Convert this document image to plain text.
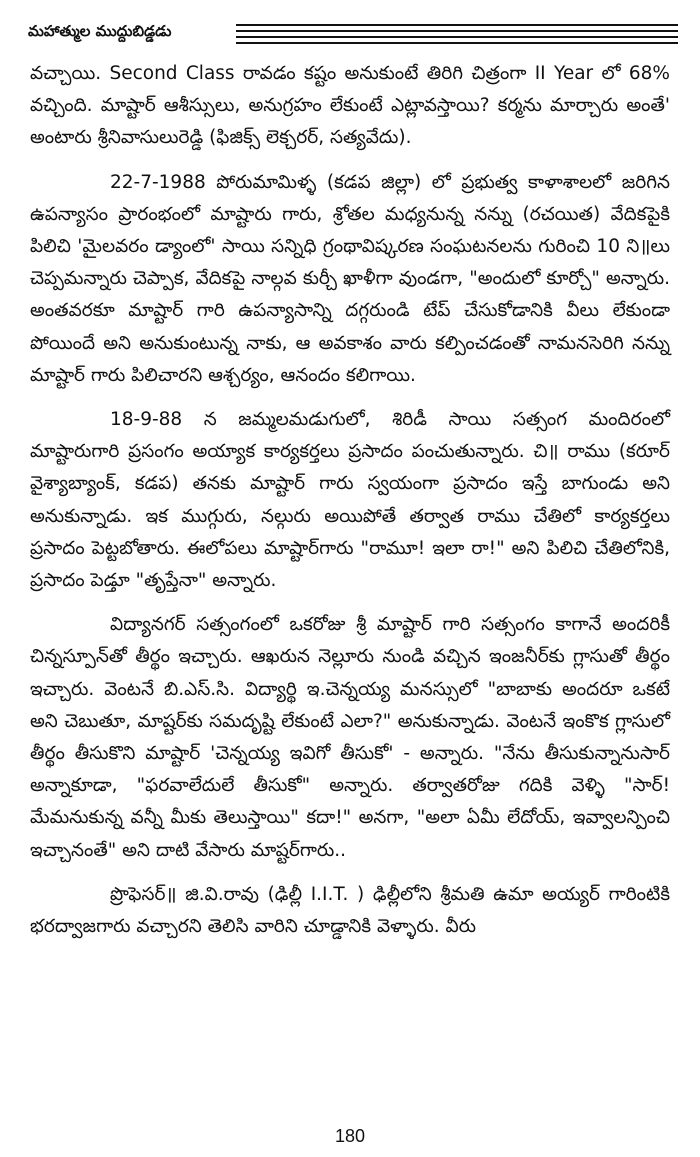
మహాత్ముల ముద్దుబిడ్డడు

వచ్చాయి. Second Class రావడం కష్టం అనుకుంటే తిరిగి చిత్రంగా II Year లో 68% వచ్చింది. మాష్టార్ ఆశీస్సులు, అనుగ్రహం లేకుంటే ఎట్లావస్తాయి? కర్మను మార్చారు అంతే' అంటారు శ్రీనివాసులురెడ్డి (ఫిజిక్స్ లెక్చరర్, సత్యవేదు).

22-7-1988 పోరుమామిళ్ళ (కడప జిల్లా) లో ప్రభుత్వ కాళాశాలలో జరిగిన ఉపన్యాసం ప్రారంభంలో మాష్టారు గారు, శ్రోతల మధ్యనున్న నన్ను (రచయిత) వేదికపైకి పిలిచి 'మైలవరం డ్యాంలో' సాయి సన్నిధి గ్రంథావిష్కరణ సంఘటనలను గురించి 10 ని॥లు చెప్పమన్నారు చెప్పాక, వేదికపై నాల్గవ కుర్చీ ఖాళీగా వుండగా, "అందులో కూర్చో" అన్నారు. అంతవరకూ మాష్టార్ గారి ఉపన్యాసాన్ని దగ్గరుండి టేప్ చేసుకోడానికి వీలు లేకుండా పోయిందే అని అనుకుంటున్న నాకు, ఆ అవకాశం వారు కల్పించడంతో నామనసెరిగి నన్ను మాష్టార్ గారు పిలిచారని ఆశ్చర్యం, ఆనందం కలిగాయి.

18-9-88 న జమ్మలమడుగులో, శిరిడీ సాయి సత్సంగ మందిరంలో మాష్టారుగారి ప్రసంగం అయ్యాక కార్యకర్తలు ప్రసాదం పంచుతున్నారు. చి॥ రాము (కరూర్ వైశ్యాబ్యాంక్, కడప) తనకు మాష్టార్ గారు స్వయంగా ప్రసాదం ఇస్తే బాగుండు అని అనుకున్నాడు. ఇక ముగ్గురు, నల్గురు అయిపోతే తర్వాత రాము చేతిలో కార్యకర్తలు ప్రసాదం పెట్టబోతారు. ఈలోపలు మాష్టార్‌గారు "రామూ! ఇలా రా!" అని పిలిచి చేతిలోనికి, ప్రసాదం పెడ్తూ "తృప్తేనా" అన్నారు.

విద్యానగర్ సత్సంగంలో ఒకరోజు శ్రీ మాష్టార్ గారి సత్సంగం కాగానే అందరికీ చిన్నస్పూన్‌తో తీర్థం ఇచ్చారు. ఆఖరున నెల్లూరు నుండి వచ్చిన ఇంజనీర్‌కు గ్లాసుతో తీర్థం ఇచ్చారు. వెంటనే బి.ఎస్.సి. విద్యార్థి ఇ.చెన్నయ్య మనస్సులో "బాబాకు అందరూ ఒకటే అని చెబుతూ, మాష్టర్‌కు సమదృష్టి లేకుంటే ఎలా?" అనుకున్నాడు. వెంటనే ఇంకొక గ్లాసులో తీర్థం తీసుకొని మాష్టార్ 'చెన్నయ్య ఇవిగో తీసుకో' - అన్నారు. "నేను తీసుకున్నానుసార్ అన్నాకూడా, "ఫరవాలేదులే తీసుకో" అన్నారు. తర్వాతరోజు గదికి వెళ్ళి "సార్! మేమనుకున్న వన్నీ మీకు తెలుస్తాయి" కదా!" అనగా, "అలా ఏమీ లేదోయ్, ఇవ్వాలన్పించి ఇచ్చానంతే" అని దాటి వేసారు మాష్టర్‌గారు..

ప్రొఫెసర్॥ జి.వి.రావు (ఢిల్లీ I.I.T. ) ఢిల్లీలోని శ్రీమతి ఉమా అయ్యర్ గారింటికి భరద్వాజగారు వచ్చారని తెలిసి వారిని చూడ్డానికి వెళ్ళారు. వీరు

180
